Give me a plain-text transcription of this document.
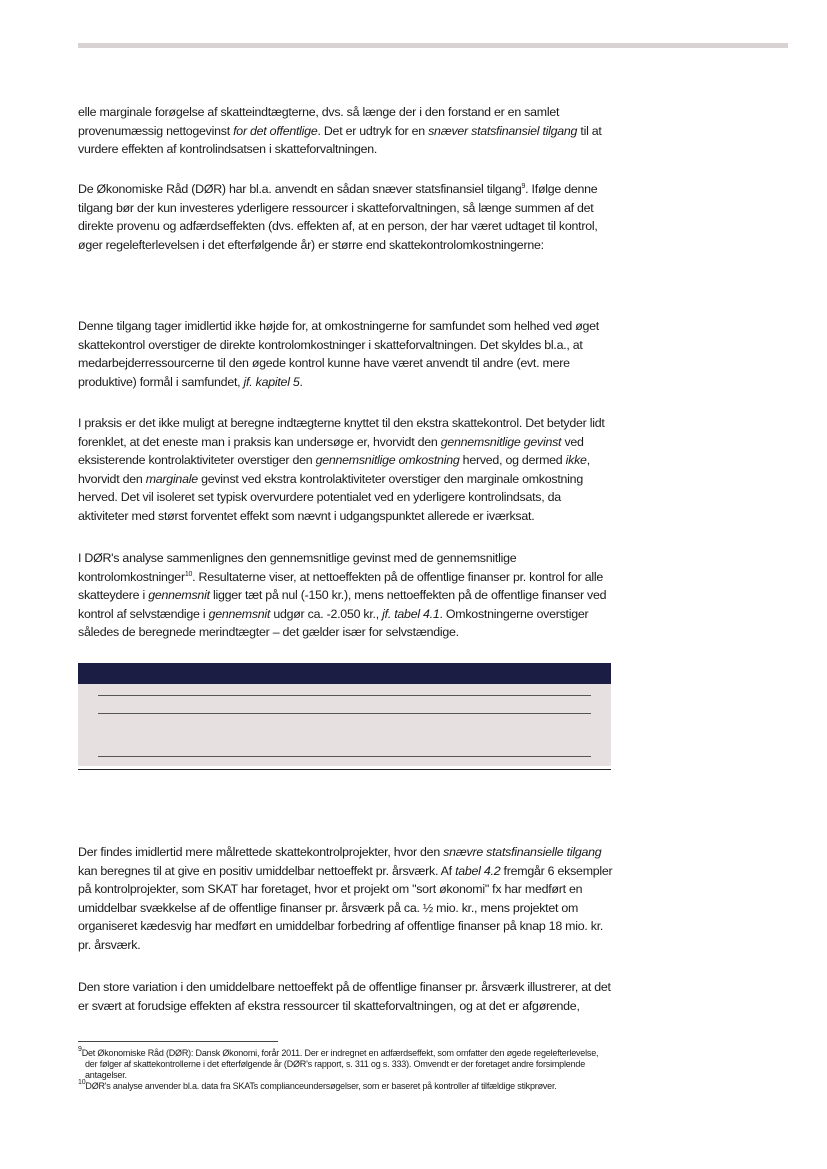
elle marginale forøgelse af skatteindtægterne, dvs. så længe der i den forstand er en samlet provenumæssig nettogevinst for det offentlige. Det er udtryk for en snæver statsfinansiel tilgang til at vurdere effekten af kontrolindsatsen i skatteforvaltningen.

De Økonomiske Råd (DØR) har bl.a. anvendt en sådan snæver statsfinansiel tilgang$^9$. Ifølge denne tilgang bør der kun investeres yderligere ressourcer i skatteforvaltningen, så længe summen af det direkte provenu og adfærdseffekten (dvs. effekten af, at en person, der har været udtaget til kontrol, øger regelefterlevelsen i det efterfølgende år) er større end skattekontrolomkostningerne:

Denne tilgang tager imidlertid ikke højde for, at omkostningerne for samfundet som helhed ved øget skattekontrol overstiger de direkte kontrolomkostninger i skatteforvaltningen. Det skyldes bl.a., at medarbejderressourcerne til den øgede kontrol kunne have været anvendt til andre (evt. mere produktive) formål i samfundet, jf. kapitel 5.

I praksis er det ikke muligt at beregne indtægterne knyttet til den ekstra skattekontrol. Det betyder lidt forenklet, at det eneste man i praksis kan undersøge er, hvorvidt den gennemsnitlige gevinst ved eksisterende kontrolaktiviteter overstiger den gennemsnitlige omkostning herved, og dermed ikke, hvorvidt den marginale gevinst ved ekstra kontrolaktiviteter overstiger den marginale omkostning herved. Det vil isoleret set typisk overvurdere potentialet ved en yderligere kontrolindsats, da aktiviteter med størst forventet effekt som nævnt i udgangspunktet allerede er iværksat.

I DØR's analyse sammenlignes den gennemsnitlige gevinst med de gennemsnitlige kontrolomkostninger$^{10}$. Resultaterne viser, at nettoeffekten på de offentlige finanser pr. kontrol for alle skatteydere i gennemsnit ligger tæt på nul (-150 kr.), mens nettoeffekten på de offentlige finanser ved kontrol af selvstændige i gennemsnit udgør ca. -2.050 kr., jf. tabel 4.1. Omkostningerne overstiger således de beregnede merindtægter – det gælder især for selvstændige.

Der findes imidlertid mere målrettede skattekontrolprojekter, hvor den snævre statsfinansielle tilgang kan beregnes til at give en positiv umiddelbar nettoeffekt pr. årsværk. Af tabel 4.2 fremgår 6 eksempler på kontrolprojekter, som SKAT har foretaget, hvor et projekt om "sort økonomi" fx har medført en umiddelbar svækkelse af de offentlige finanser pr. årsværk på ca. ½ mio. kr., mens projektet om organiseret kædesvig har medført en umiddelbar forbedring af offentlige finanser på knap 18 mio. kr. pr. årsværk.

Den store variation i den umiddelbare nettoeffekt på de offentlige finanser pr. årsværk illustrerer, at det er svært at forudsige effekten af ekstra ressourcer til skatteforvaltningen, og at det er afgørende,

$^9$Det Økonomiske Råd (DØR): Dansk Økonomi, forår 2011. Der er indregnet en adfærdseffekt, som omfatter den øgede regelefterlevelse, der følger af skattekontrollerne i det efterfølgende år (DØR's rapport, s. 311 og s. 333). Omvendt er der foretaget andre forsimplende antagelser.

$^{10}$DØR's analyse anvender bl.a. data fra SKATs complianceundersøgelser, som er baseret på kontroller af tilfældige stikprøver.
